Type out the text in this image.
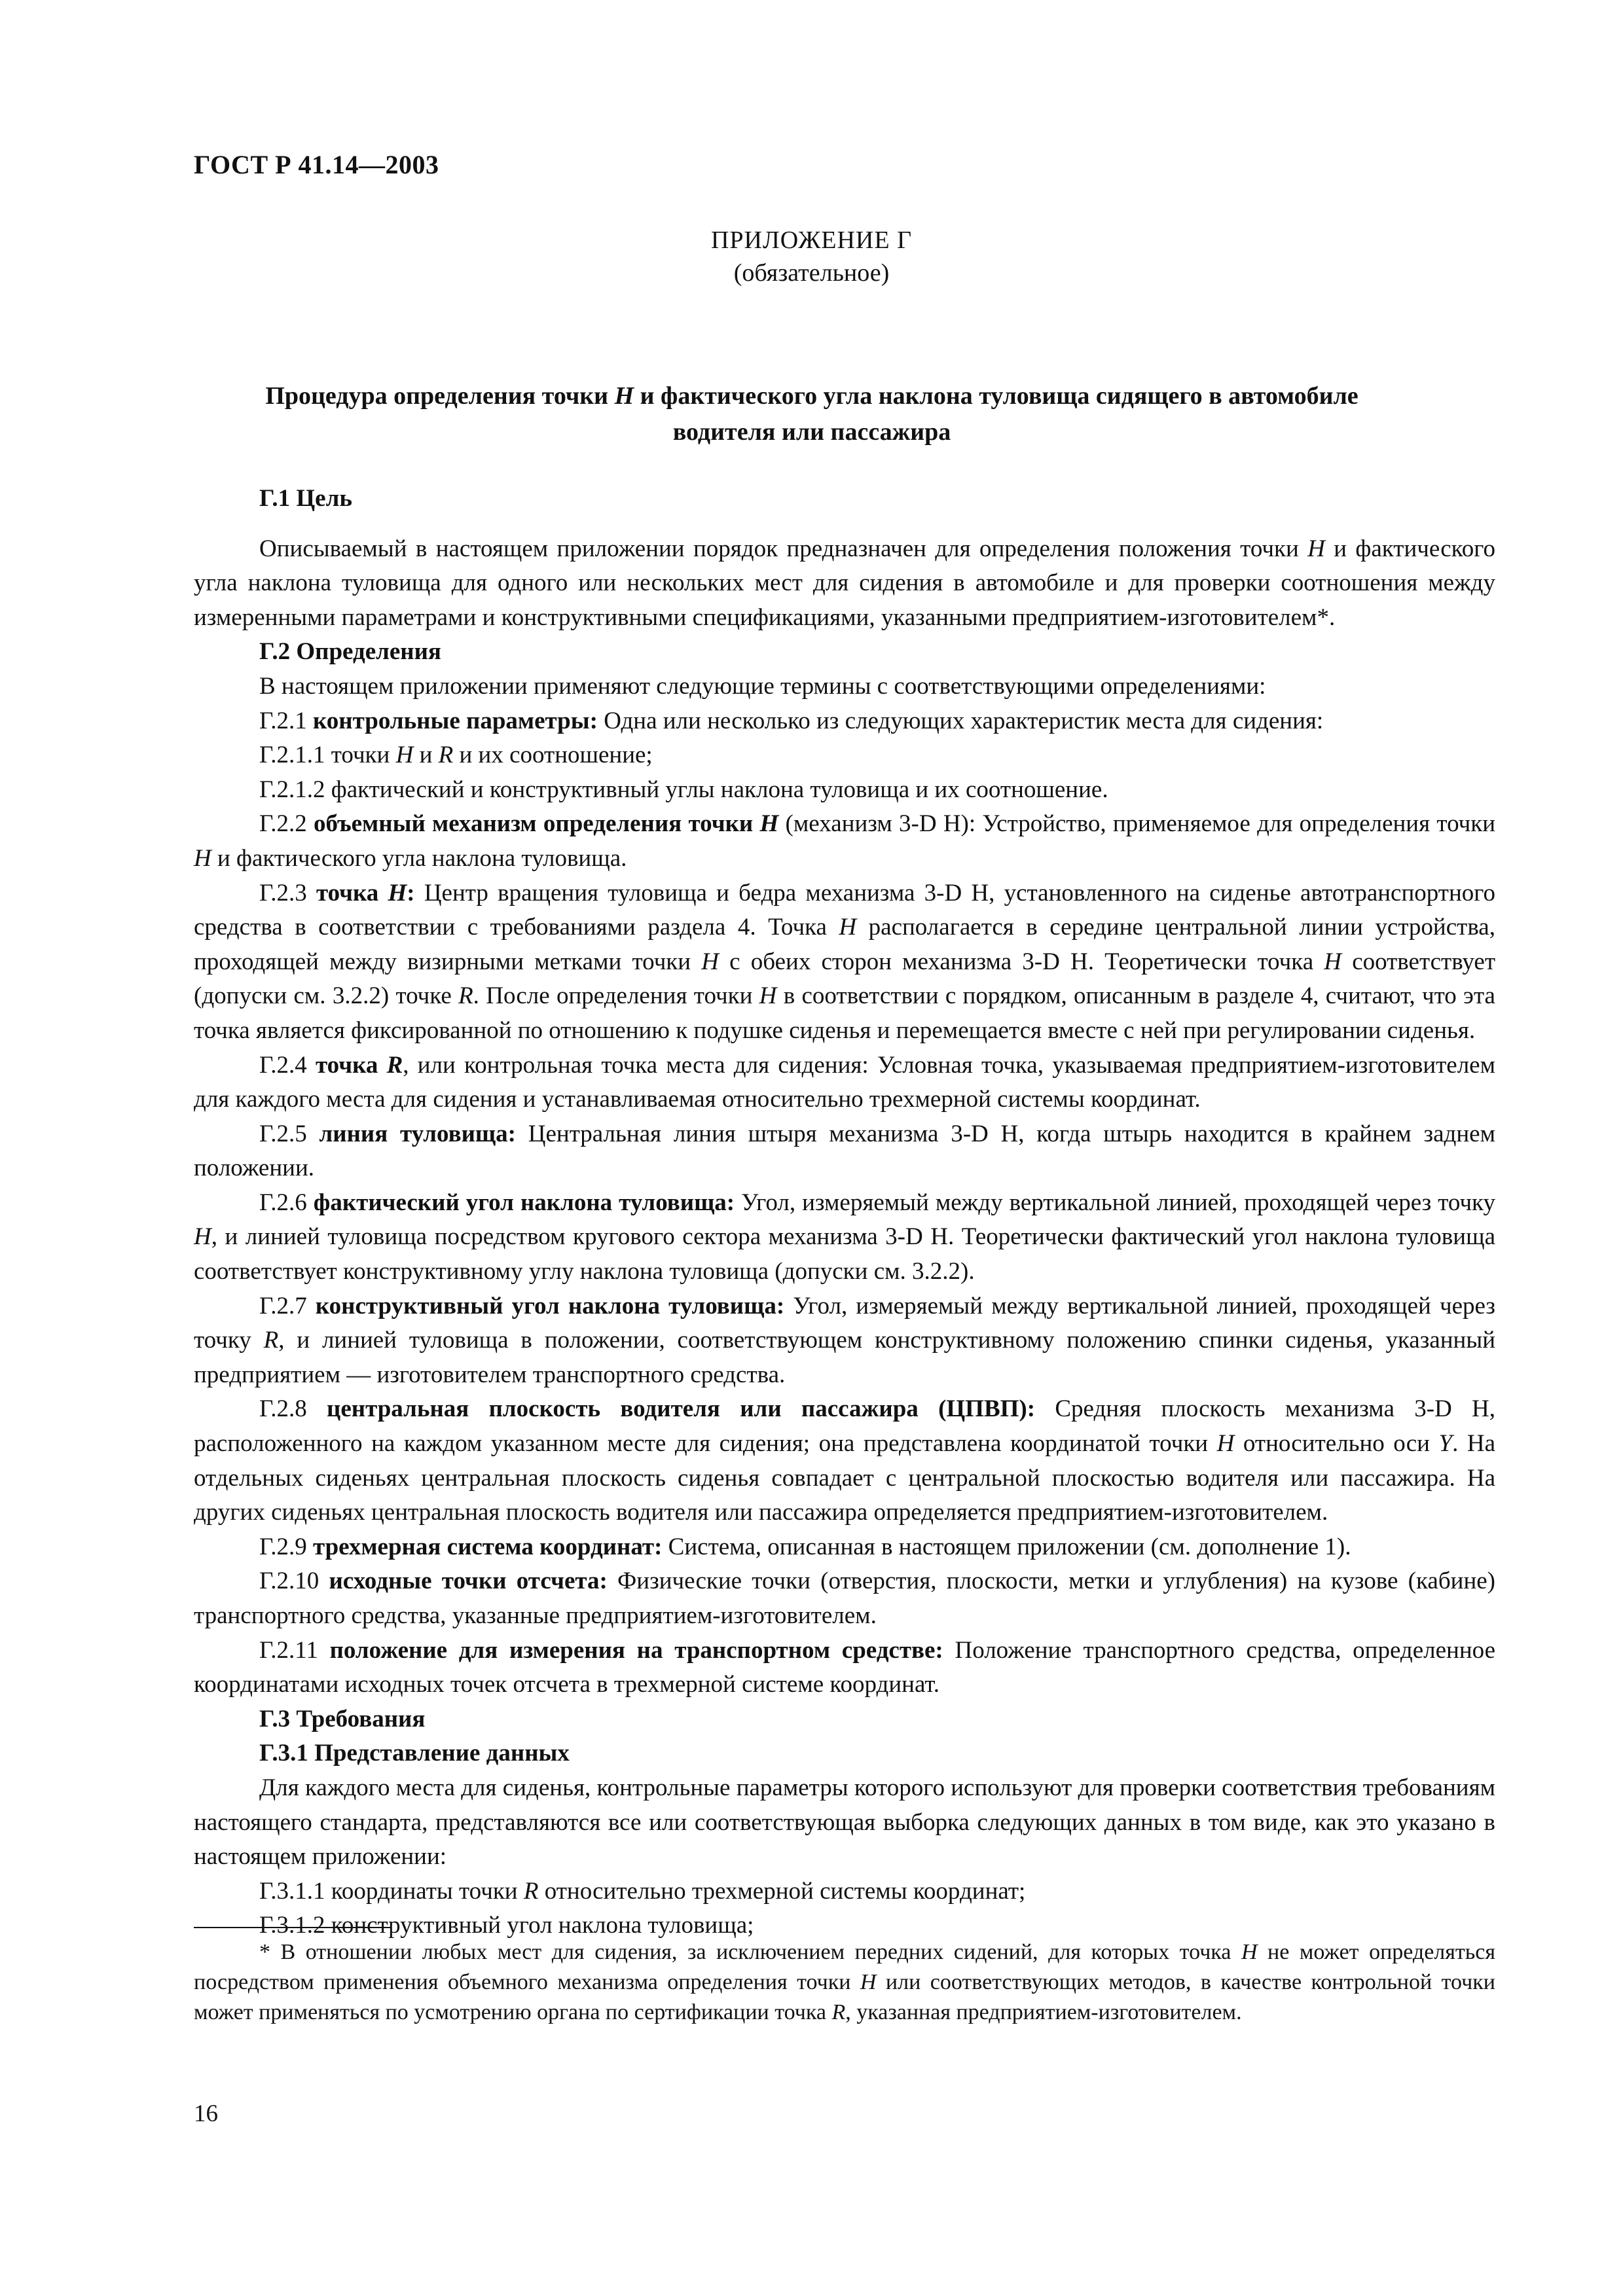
ГОСТ Р 41.14—2003
ПРИЛОЖЕНИЕ Г
(обязательное)
Процедура определения точки H и фактического угла наклона туловища сидящего в автомобиле
водителя или пассажира

Г.1 Цель

Описываемый в настоящем приложении порядок предназначен для определения положения точки H и фактического угла наклона туловища для одного или нескольких мест для сидения в автомобиле и для проверки соотношения между измеренными параметрами и конструктивными спецификациями, указанными предприятием-изготовителем*.

Г.2 Определения

В настоящем приложении применяют следующие термины с соответствующими определениями:

Г.2.1 контрольные параметры: Одна или несколько из следующих характеристик места для сидения:

Г.2.1.1 точки H и R и их соотношение;

Г.2.1.2 фактический и конструктивный углы наклона туловища и их соотношение.

Г.2.2 объемный механизм определения точки H (механизм 3-D H): Устройство, применяемое для определения точки H и фактического угла наклона туловища.

Г.2.3 точка H: Центр вращения туловища и бедра механизма 3-D H, установленного на сиденье автотранспортного средства в соответствии с требованиями раздела 4. Точка H располагается в середине центральной линии устройства, проходящей между визирными метками точки H с обеих сторон механизма 3-D H. Теоретически точка H соответствует (допуски см. 3.2.2) точке R. После определения точки H в соответствии с порядком, описанным в разделе 4, считают, что эта точка является фиксированной по отношению к подушке сиденья и перемещается вместе с ней при регулировании сиденья.

Г.2.4 точка R, или контрольная точка места для сидения: Условная точка, указываемая предприятием-изготовителем для каждого места для сидения и устанавливаемая относительно трехмерной системы координат.

Г.2.5 линия туловища: Центральная линия штыря механизма 3-D H, когда штырь находится в крайнем заднем положении.

Г.2.6 фактический угол наклона туловища: Угол, измеряемый между вертикальной линией, проходящей через точку H, и линией туловища посредством кругового сектора механизма 3-D H. Теоретически фактический угол наклона туловища соответствует конструктивному углу наклона туловища (допуски см. 3.2.2).

Г.2.7 конструктивный угол наклона туловища: Угол, измеряемый между вертикальной линией, проходящей через точку R, и линией туловища в положении, соответствующем конструктивному положению спинки сиденья, указанный предприятием — изготовителем транспортного средства.

Г.2.8 центральная плоскость водителя или пассажира (ЦПВП): Средняя плоскость механизма 3-D H, расположенного на каждом указанном месте для сидения; она представлена координатой точки H относительно оси Y. На отдельных сиденьях центральная плоскость сиденья совпадает с центральной плоскостью водителя или пассажира. На других сиденьях центральная плоскость водителя или пассажира определяется предприятием-изготовителем.

Г.2.9 трехмерная система координат: Система, описанная в настоящем приложении (см. дополнение 1).

Г.2.10 исходные точки отсчета: Физические точки (отверстия, плоскости, метки и углубления) на кузове (кабине) транспортного средства, указанные предприятием-изготовителем.

Г.2.11 положение для измерения на транспортном средстве: Положение транспортного средства, определенное координатами исходных точек отсчета в трехмерной системе координат.

Г.3 Требования

Г.3.1 Представление данных

Для каждого места для сиденья, контрольные параметры которого используют для проверки соответствия требованиям настоящего стандарта, представляются все или соответствующая выборка следующих данных в том виде, как это указано в настоящем приложении:

Г.3.1.1 координаты точки R относительно трехмерной системы координат;

Г.3.1.2 конструктивный угол наклона туловища;

* В отношении любых мест для сидения, за исключением передних сидений, для которых точка H не может определяться посредством применения объемного механизма определения точки H или соответствующих методов, в качестве контрольной точки может применяться по усмотрению органа по сертификации точка R, указанная предприятием-изготовителем.

16
